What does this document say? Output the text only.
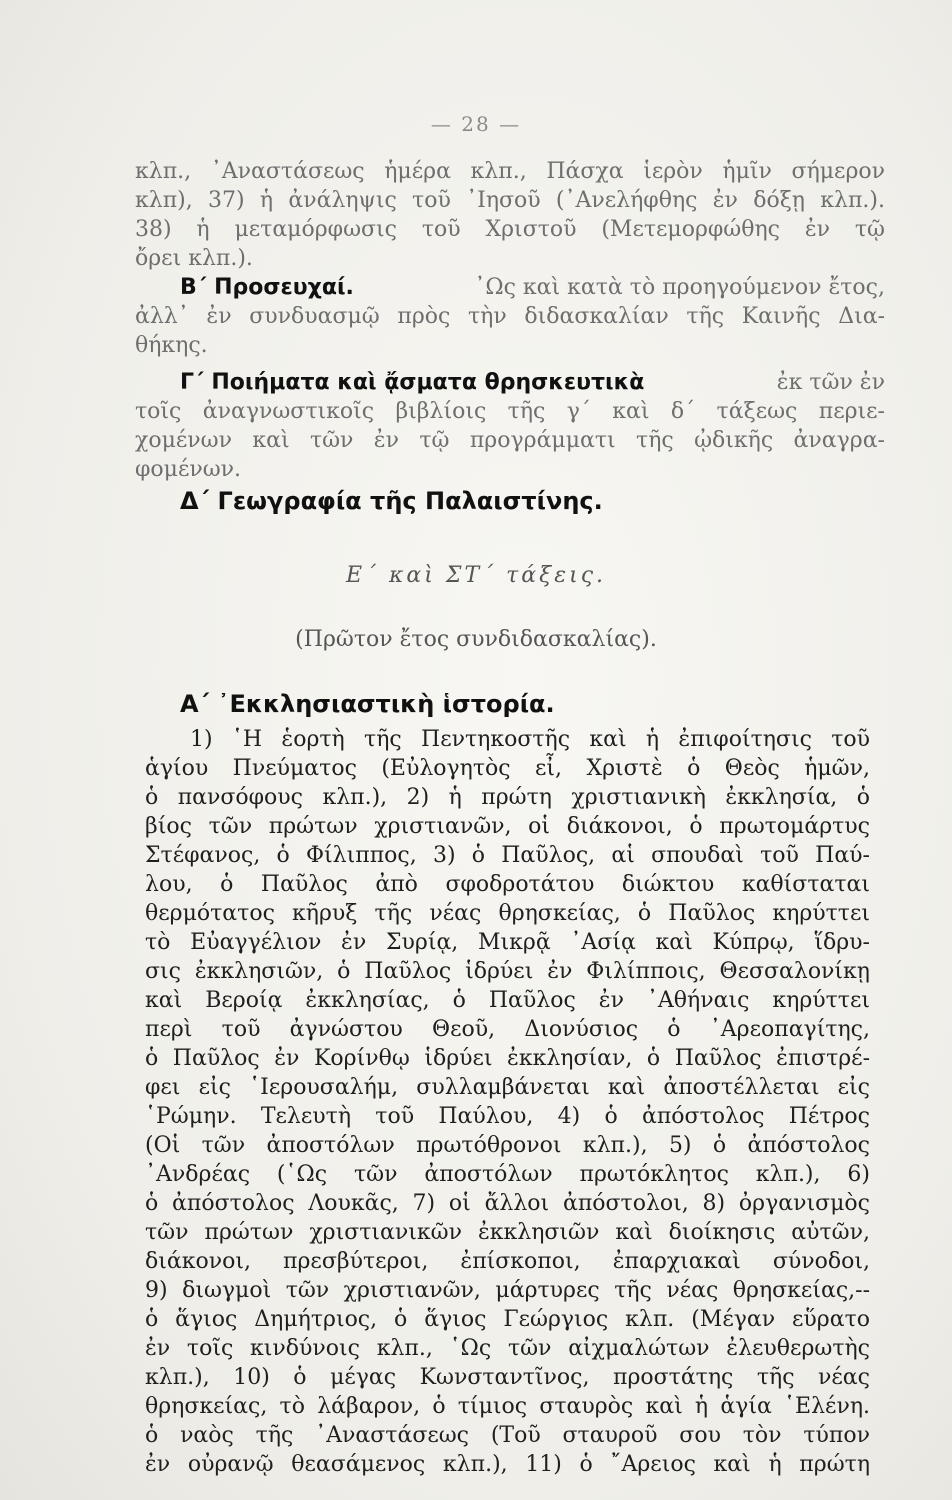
— 28 —
κλπ., ᾿Αναστάσεως ἡμέρα κλπ., Πάσχα ἱερὸν ἡμῖν σήμερον
κλπ), 37) ἡ ἀνάληψις τοῦ ᾿Ιησοῦ (᾿Ανελήφθης ἐν δόξῃ κλπ.).
38) ἡ μεταμόρφωσις τοῦ Χριστοῦ (Μετεμορφώθης ἐν τῷ
ὄρει κλπ.).
Β΄ Προσευχαί.	᾿Ως καὶ κατὰ τὸ προηγούμενον ἔτος,
ἀλλ᾿ ἐν συνδυασμῷ πρὸς τὴν διδασκαλίαν τῆς Καινῆς Δια-
θήκης.
Γ΄ Ποιήματα καὶ ᾄσματα θρησκευτικὰ	ἐκ τῶν ἐν
τοῖς ἀναγνωστικοῖς βιβλίοις τῆς γ΄ καὶ δ΄ τάξεως περιε-
χομένων καὶ τῶν ἐν τῷ προγράμματι τῆς ᾠδικῆς ἀναγρα-
φομένων.
Δ΄ Γεωγραφία τῆς Παλαιστίνης.
Ε΄ καὶ ΣΤ΄ τάξεις.
(Πρῶτον ἔτος συνδιδασκαλίας).
Α΄ ᾿Εκκλησιαστικὴ ἱστορία.
1) ῾Η ἑορτὴ τῆς Πεντηκοστῆς καὶ ἡ ἐπιφοίτησις τοῦ
ἁγίου Πνεύματος (Εὐλογητὸς εἶ, Χριστὲ ὁ Θεὸς ἡμῶν,
ὁ πανσόφους κλπ.), 2) ἡ πρώτη χριστιανικὴ ἐκκλησία, ὁ
βίος τῶν πρώτων χριστιανῶν, οἱ διάκονοι, ὁ πρωτομάρτυς
Στέφανος, ὁ Φίλιππος, 3) ὁ Παῦλος, αἱ σπουδαὶ τοῦ Παύ-
λου, ὁ Παῦλος ἀπὸ σφοδροτάτου διώκτου καθίσταται
θερμότατος κῆρυξ τῆς νέας θρησκείας, ὁ Παῦλος κηρύττει
τὸ Εὐαγγέλιον ἐν Συρίᾳ, Μικρᾷ ᾿Ασίᾳ καὶ Κύπρῳ, ἵδρυ-
σις ἐκκλησιῶν, ὁ Παῦλος ἱδρύει ἐν Φιλίπποις, Θεσσαλονίκῃ
καὶ Βεροίᾳ ἐκκλησίας, ὁ Παῦλος ἐν ᾿Αθήναις κηρύττει
περὶ τοῦ ἀγνώστου Θεοῦ, Διονύσιος ὁ ᾿Αρεοπαγίτης,
ὁ Παῦλος ἐν Κορίνθῳ ἱδρύει ἐκκλησίαν, ὁ Παῦλος ἐπιστρέ-
φει εἰς ῾Ιερουσαλήμ, συλλαμβάνεται καὶ ἀποστέλλεται εἰς
῾Ρώμην. Τελευτὴ τοῦ Παύλου, 4) ὁ ἀπόστολος Πέτρος
(Οἱ τῶν ἀποστόλων πρωτόθρονοι κλπ.), 5) ὁ ἀπόστολος
᾿Ανδρέας (῾Ως τῶν ἀποστόλων πρωτόκλητος κλπ.), 6)
ὁ ἀπόστολος Λουκᾶς, 7) οἱ ἄλλοι ἀπόστολοι, 8) ὀργανισμὸς
τῶν πρώτων χριστιανικῶν ἐκκλησιῶν καὶ διοίκησις αὐτῶν,
διάκονοι, πρεσβύτεροι, ἐπίσκοποι, ἐπαρχιακαὶ σύνοδοι,
9) διωγμοὶ τῶν χριστιανῶν, μάρτυρες τῆς νέας θρησκείας,--
ὁ ἅγιος Δημήτριος, ὁ ἅγιος Γεώργιος κλπ. (Μέγαν εὕρατο
ἐν τοῖς κινδύνοις κλπ., ῾Ως τῶν αἰχμαλώτων ἐλευθερωτὴς
κλπ.), 10) ὁ μέγας Κωνσταντῖνος, προστάτης τῆς νέας
θρησκείας, τὸ λάβαρον, ὁ τίμιος σταυρὸς καὶ ἡ ἁγία ῾Ελένη.
ὁ ναὸς τῆς ᾿Αναστάσεως (Τοῦ σταυροῦ σου τὸν τύπον
ἐν οὐρανῷ θεασάμενος κλπ.), 11) ὁ ῎Αρειος καὶ ἡ πρώτη
